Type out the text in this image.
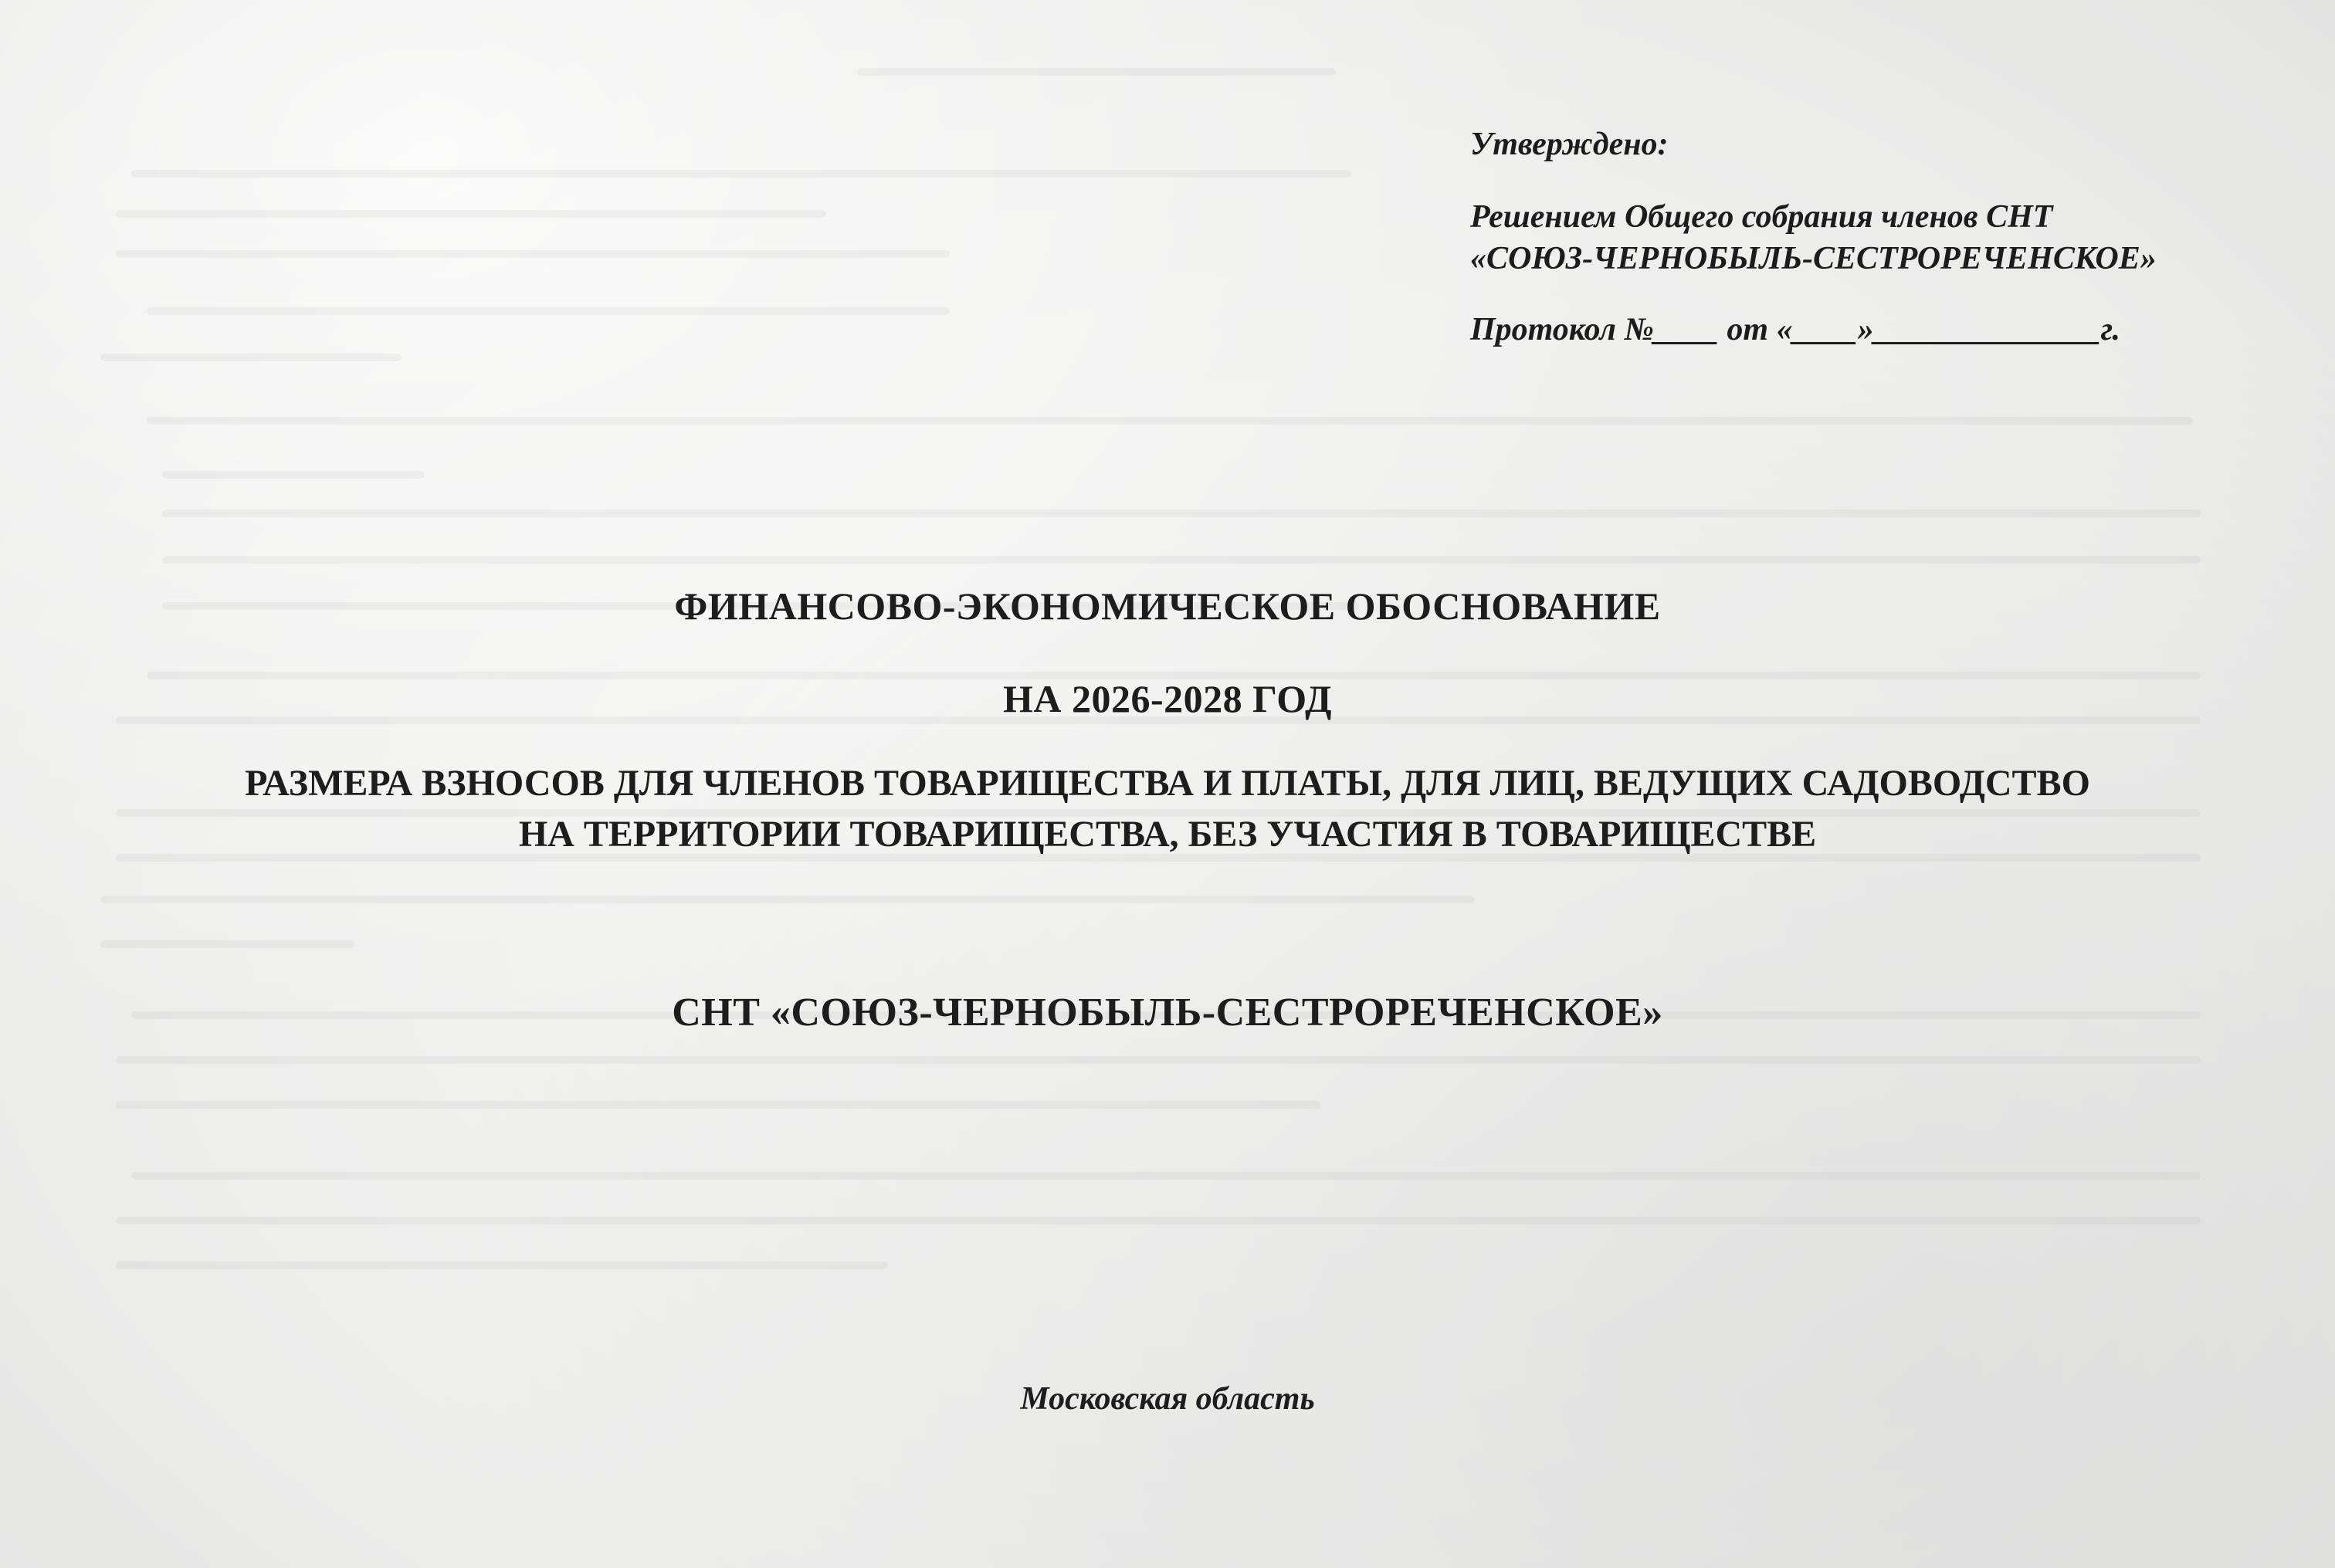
Утверждено:

Решением Общего собрания членов СНТ
«СОЮЗ-ЧЕРНОБЫЛЬ-СЕСТРОРЕЧЕНСКОЕ»

Протокол №____ от «____»______________г.

ФИНАНСОВО-ЭКОНОМИЧЕСКОЕ ОБОСНОВАНИЕ
НА 2026-2028 ГОД
РАЗМЕРА ВЗНОСОВ ДЛЯ ЧЛЕНОВ ТОВАРИЩЕСТВА И ПЛАТЫ, ДЛЯ ЛИЦ, ВЕДУЩИХ САДОВОДСТВО
НА ТЕРРИТОРИИ ТОВАРИЩЕСТВА, БЕЗ УЧАСТИЯ В ТОВАРИЩЕСТВЕ
СНТ «СОЮЗ-ЧЕРНОБЫЛЬ-СЕСТРОРЕЧЕНСКОЕ»
Московская область
